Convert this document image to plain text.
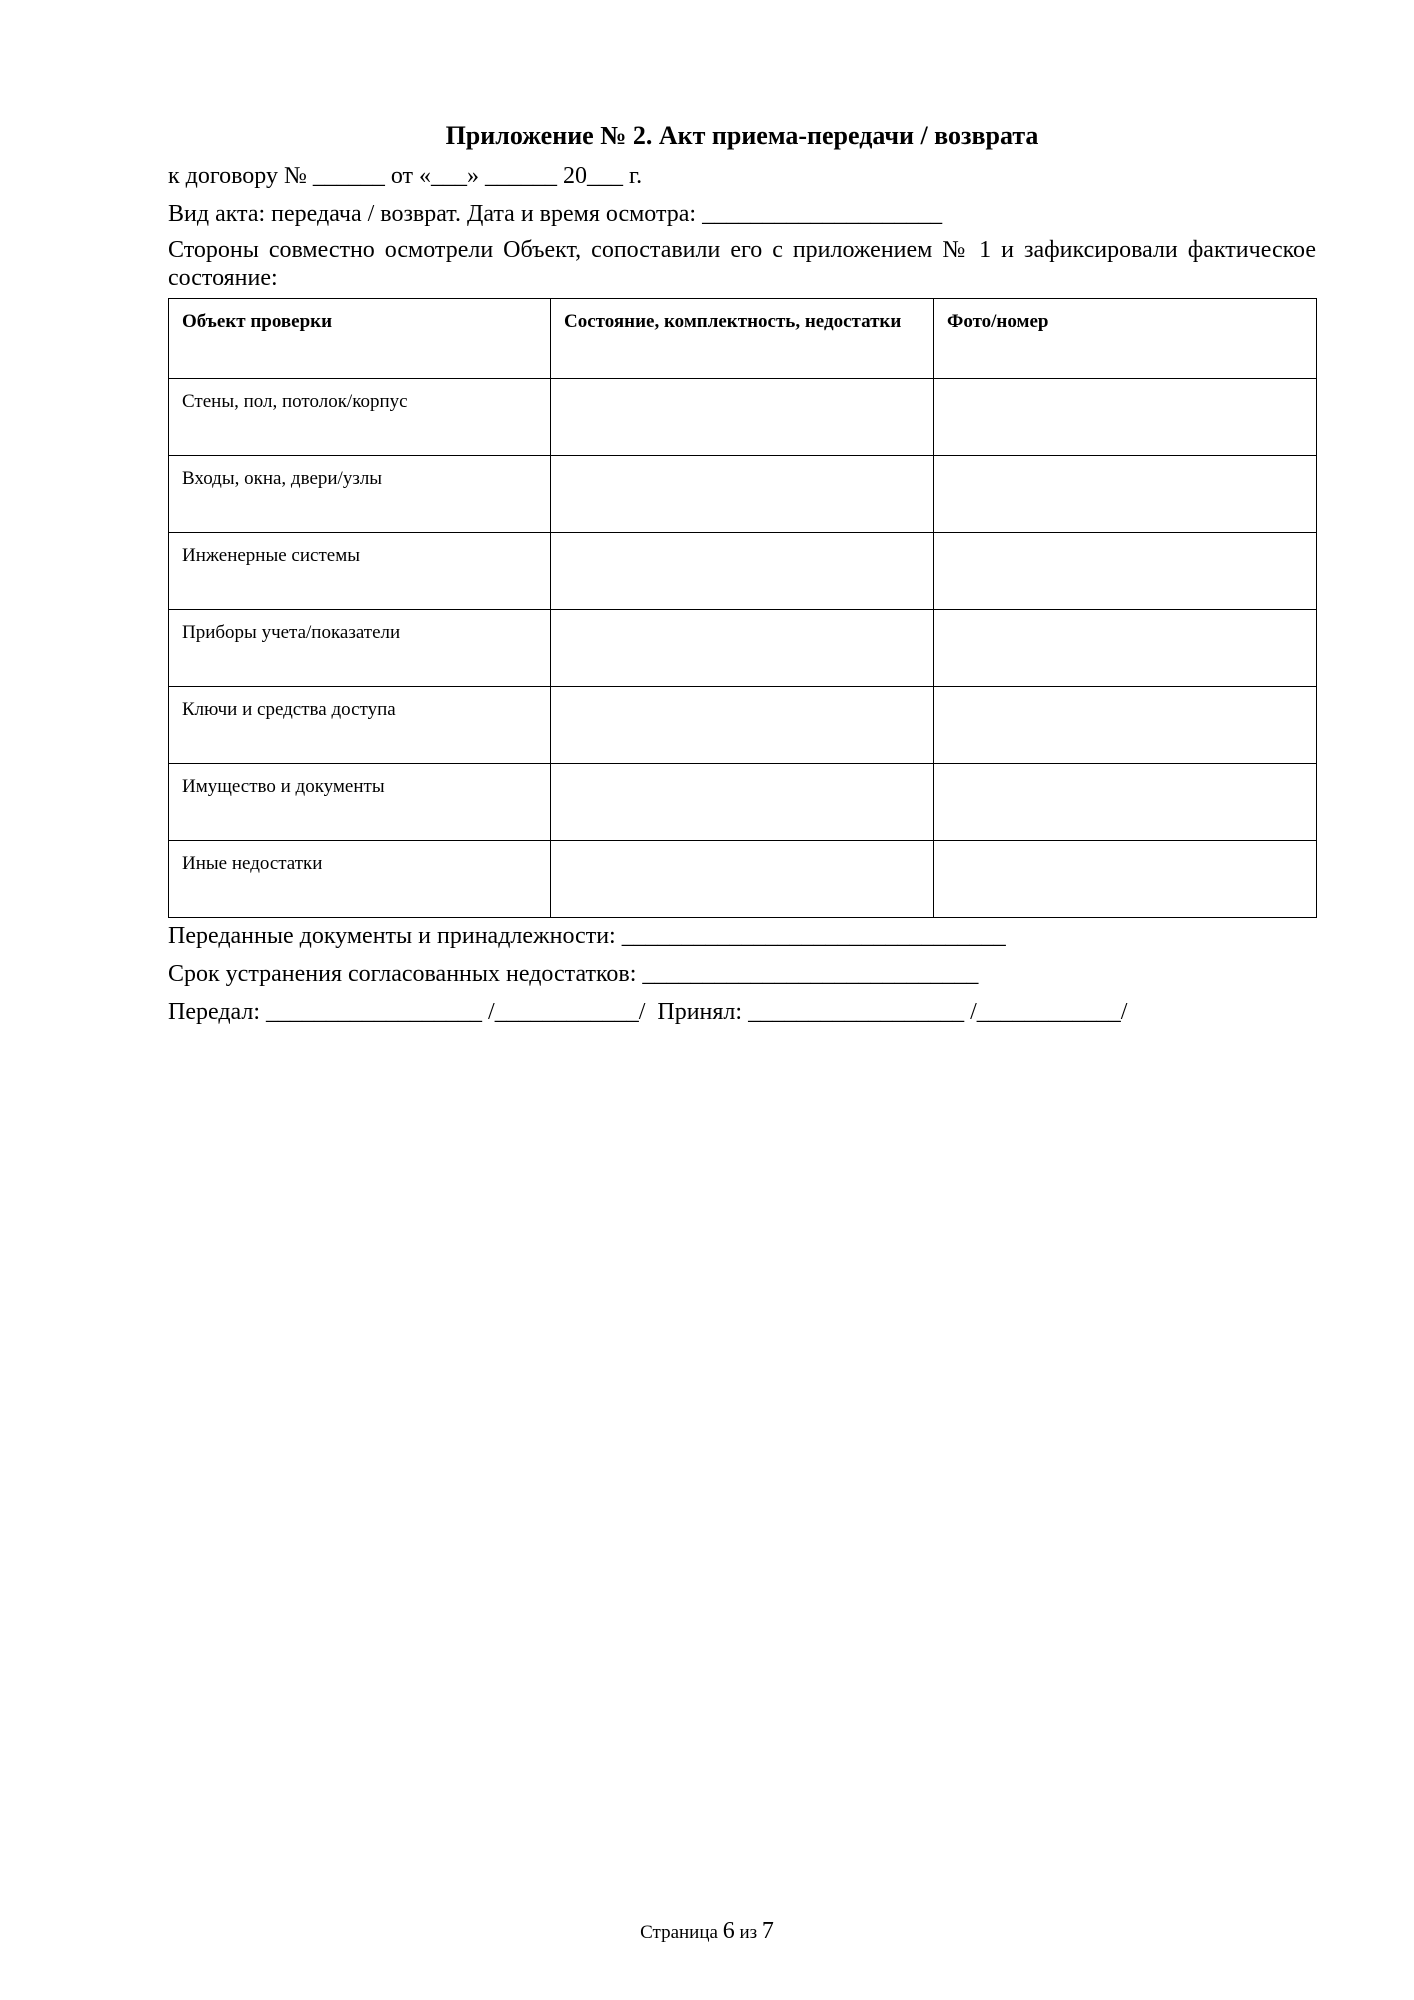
Приложение № 2. Акт приема-передачи / возврата
к договору № ______ от «___» ______ 20___ г.
Вид акта: передача / возврат. Дата и время осмотра: ____________________
Стороны совместно осмотрели Объект, сопоставили его с приложением № 1 и зафиксировали фактическое состояние:
Объект проверки	Состояние, комплектность, недостатки	Фото/номер
Стены, пол, потолок/корпус		
Входы, окна, двери/узлы		
Инженерные системы		
Приборы учета/показатели		
Ключи и средства доступа		
Имущество и документы		
Иные недостатки		
Переданные документы и принадлежности: ________________________________
Срок устранения согласованных недостатков: ____________________________
Передал: __________________ /____________/  Принял: __________________ /____________/
Страница 6 из 7
